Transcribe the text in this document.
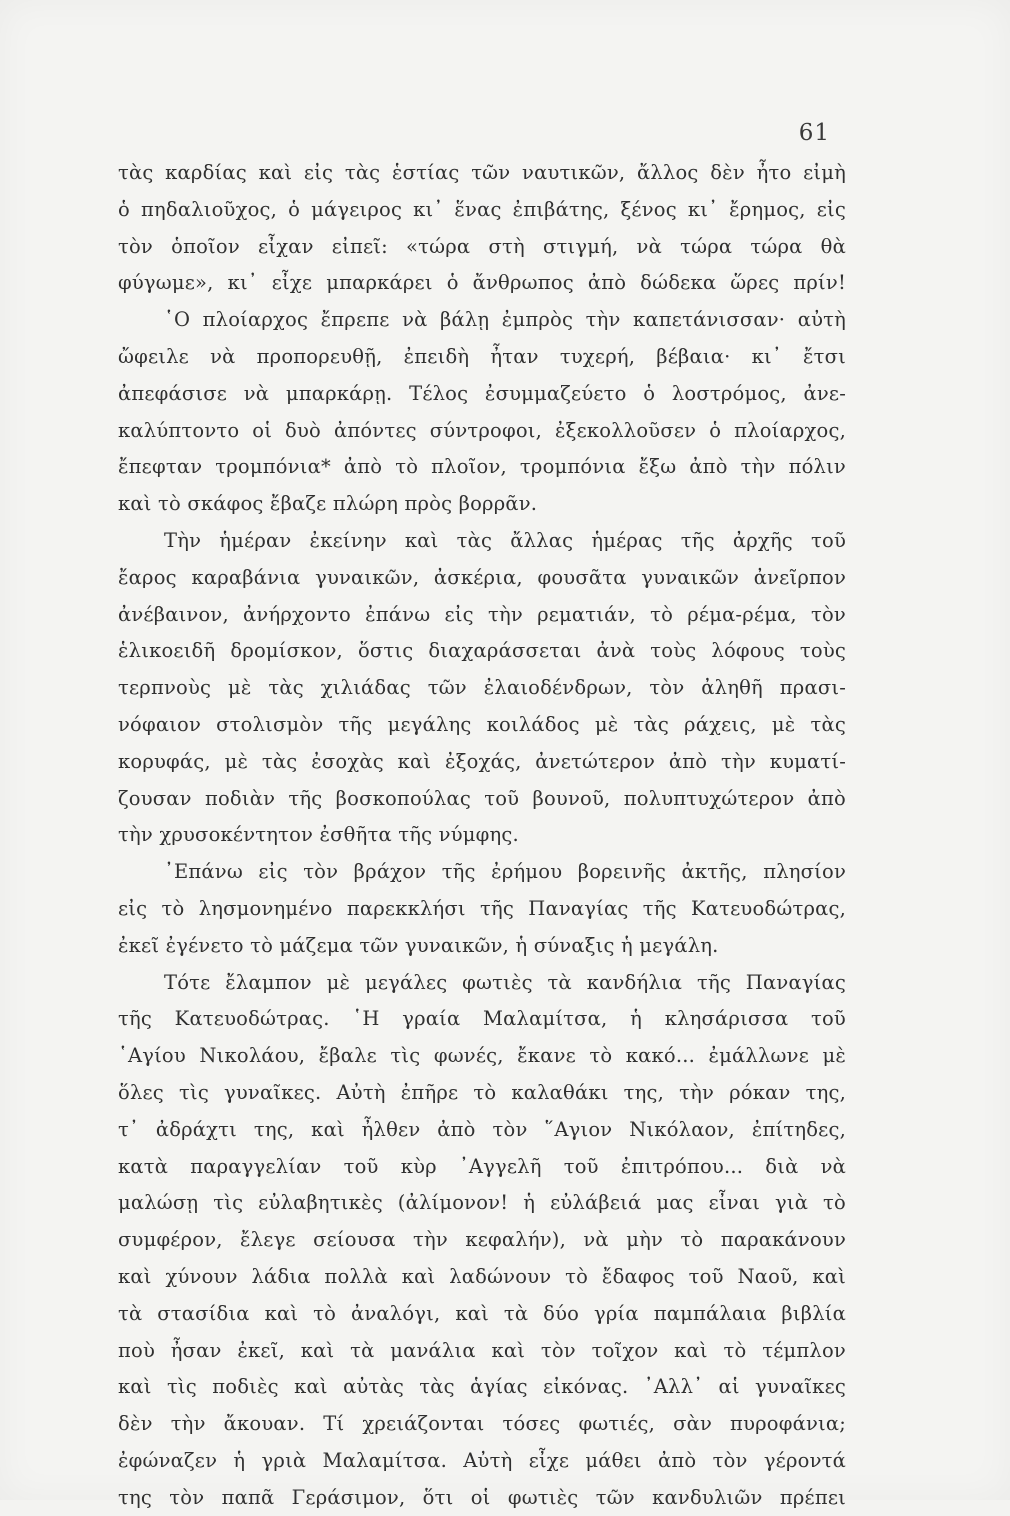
61
τὰς καρδίας καὶ εἰς τὰς ἑστίας τῶν ναυτικῶν, ἄλλος δὲν ἦτο εἰμὴ
ὁ πηδαλιοῦχος, ὁ μάγειρος κι᾽ ἕνας ἐπιβάτης, ξένος κι᾽ ἔρημος, εἰς
τὸν ὁποῖον εἶχαν εἰπεῖ: «τώρα στὴ στιγμή, νὰ τώρα τώρα θὰ
φύγωμε», κι᾽ εἶχε μπαρκάρει ὁ ἄνθρωπος ἀπὸ δώδεκα ὥρες πρίν!
῾Ο πλοίαρχος ἔπρεπε νὰ βάλῃ ἐμπρὸς τὴν καπετάνισσαν· αὐτὴ
ὤφειλε νὰ προπορευθῇ, ἐπειδὴ ἦταν τυχερή, βέβαια· κι᾽ ἔτσι
ἀπεφάσισε νὰ μπαρκάρῃ. Τέλος ἐσυμμαζεύετο ὁ λοστρόμος, ἀνε-
καλύπτοντο οἱ δυὸ ἀπόντες σύντροφοι, ἐξεκολλοῦσεν ὁ πλοίαρχος,
ἔπεφταν τρομπόνια* ἀπὸ τὸ πλοῖον, τρομπόνια ἔξω ἀπὸ τὴν πόλιν
καὶ τὸ σκάφος ἔβαζε πλώρη πρὸς βορρᾶν.
Τὴν ἡμέραν ἐκείνην καὶ τὰς ἄλλας ἡμέρας τῆς ἀρχῆς τοῦ
ἔαρος καραβάνια γυναικῶν, ἀσκέρια, φουσᾶτα γυναικῶν ἀνεῖρπον
ἀνέβαινον, ἀνήρχοντο ἐπάνω εἰς τὴν ρεματιάν, τὸ ρέμα-ρέμα, τὸν
ἑλικοειδῆ δρομίσκον, ὅστις διαχαράσσεται ἀνὰ τοὺς λόφους τοὺς
τερπνοὺς μὲ τὰς χιλιάδας τῶν ἐλαιοδένδρων, τὸν ἀληθῆ πρασι-
νόφαιον στολισμὸν τῆς μεγάλης κοιλάδος μὲ τὰς ράχεις, μὲ τὰς
κορυφάς, μὲ τὰς ἐσοχὰς καὶ ἐξοχάς, ἀνετώτερον ἀπὸ τὴν κυματί-
ζουσαν ποδιὰν τῆς βοσκοπούλας τοῦ βουνοῦ, πολυπτυχώτερον ἀπὸ
τὴν χρυσοκέντητον ἐσθῆτα τῆς νύμφης.
᾽Επάνω εἰς τὸν βράχον τῆς ἐρήμου βορεινῆς ἀκτῆς, πλησίον
εἰς τὸ λησμονημένο παρεκκλήσι τῆς Παναγίας τῆς Κατευοδώτρας,
ἐκεῖ ἐγένετο τὸ μάζεμα τῶν γυναικῶν, ἡ σύναξις ἡ μεγάλη.
Τότε ἔλαμπον μὲ μεγάλες φωτιὲς τὰ κανδήλια τῆς Παναγίας
τῆς Κατευοδώτρας. ῾Η γραία Μαλαμίτσα, ἡ κλησάρισσα τοῦ
῾Αγίου Νικολάου, ἔβαλε τὶς φωνές, ἔκανε τὸ κακό... ἐμάλλωνε μὲ
ὅλες τὶς γυναῖκες. Αὐτὴ ἐπῆρε τὸ καλαθάκι της, τὴν ρόκαν της,
τ᾽ ἀδράχτι της, καὶ ἦλθεν ἀπὸ τὸν ῞Αγιον Νικόλαον, ἐπίτηδες,
κατὰ παραγγελίαν τοῦ κὺρ ᾽Αγγελῆ τοῦ ἐπιτρόπου... διὰ νὰ
μαλώσῃ τὶς εὐλαβητικὲς (ἀλίμονον! ἡ εὐλάβειά μας εἶναι γιὰ τὸ
συμφέρον, ἔλεγε σείουσα τὴν κεφαλήν), νὰ μὴν τὸ παρακάνουν
καὶ χύνουν λάδια πολλὰ καὶ λαδώνουν τὸ ἔδαφος τοῦ Ναοῦ, καὶ
τὰ στασίδια καὶ τὸ ἀναλόγι, καὶ τὰ δύο γρία παμπάλαια βιβλία
ποὺ ἦσαν ἐκεῖ, καὶ τὰ μανάλια καὶ τὸν τοῖχον καὶ τὸ τέμπλον
καὶ τὶς ποδιὲς καὶ αὐτὰς τὰς ἁγίας εἰκόνας. ᾽Αλλ᾽ αἱ γυναῖκες
δὲν τὴν ἄκουαν. Τί χρειάζονται τόσες φωτιές, σὰν πυροφάνια;
ἐφώναζεν ἡ γριὰ Μαλαμίτσα. Αὐτὴ εἶχε μάθει ἀπὸ τὸν γέροντά
της τὸν παπᾶ Γεράσιμον, ὅτι οἱ φωτιὲς τῶν κανδυλιῶν πρέπει
